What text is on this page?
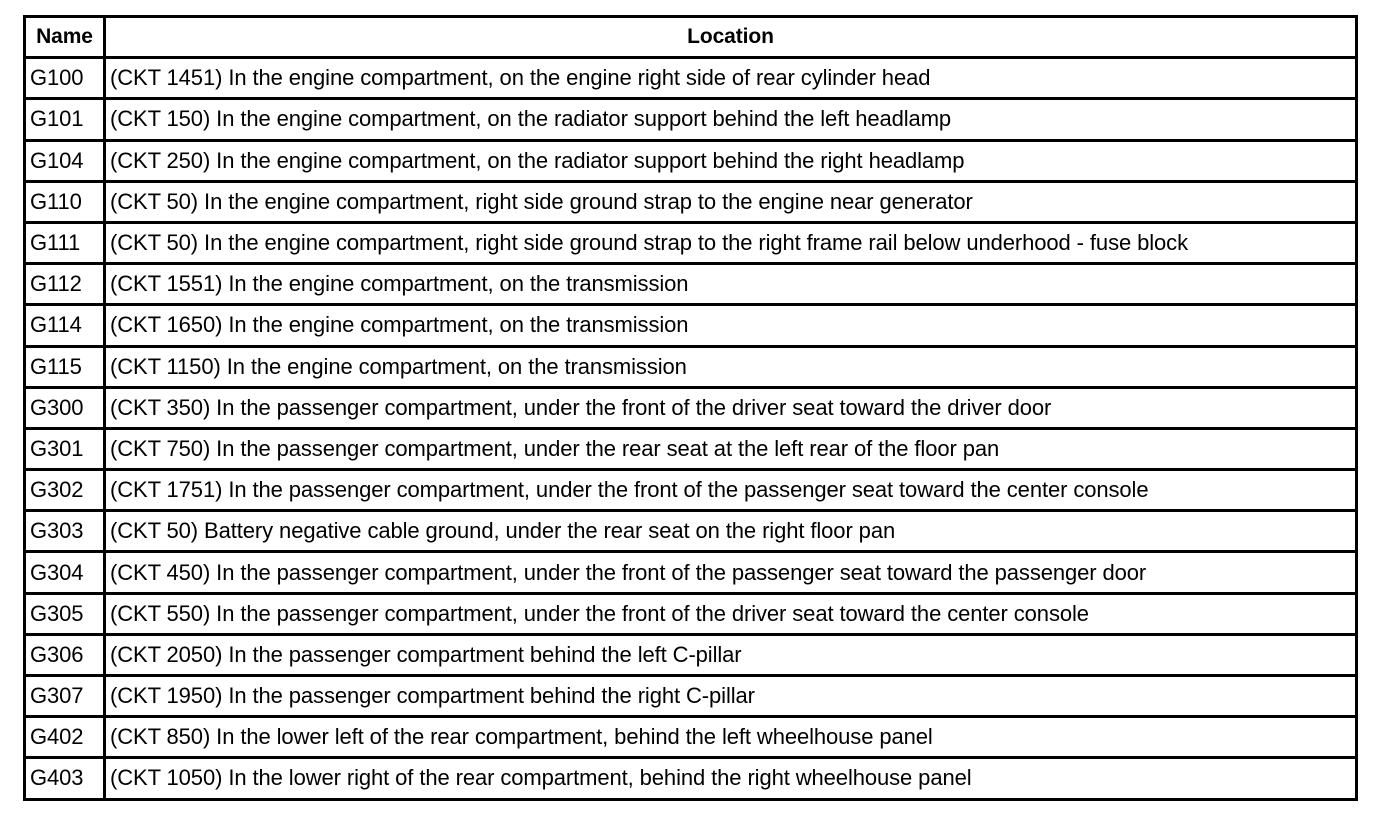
Name	Location
G100	(CKT 1451) In the engine compartment, on the engine right side of rear cylinder head
G101	(CKT 150) In the engine compartment, on the radiator support behind the left headlamp
G104	(CKT 250) In the engine compartment, on the radiator support behind the right headlamp
G110	(CKT 50) In the engine compartment, right side ground strap to the engine near generator
G111	(CKT 50) In the engine compartment, right side ground strap to the right frame rail below underhood - fuse block
G112	(CKT 1551) In the engine compartment, on the transmission
G114	(CKT 1650) In the engine compartment, on the transmission
G115	(CKT 1150) In the engine compartment, on the transmission
G300	(CKT 350) In the passenger compartment, under the front of the driver seat toward the driver door
G301	(CKT 750) In the passenger compartment, under the rear seat at the left rear of the floor pan
G302	(CKT 1751) In the passenger compartment, under the front of the passenger seat toward the center console
G303	(CKT 50) Battery negative cable ground, under the rear seat on the right floor pan
G304	(CKT 450) In the passenger compartment, under the front of the passenger seat toward the passenger door
G305	(CKT 550) In the passenger compartment, under the front of the driver seat toward the center console
G306	(CKT 2050) In the passenger compartment behind the left C-pillar
G307	(CKT 1950) In the passenger compartment behind the right C-pillar
G402	(CKT 850) In the lower left of the rear compartment, behind the left wheelhouse panel
G403	(CKT 1050) In the lower right of the rear compartment, behind the right wheelhouse panel
